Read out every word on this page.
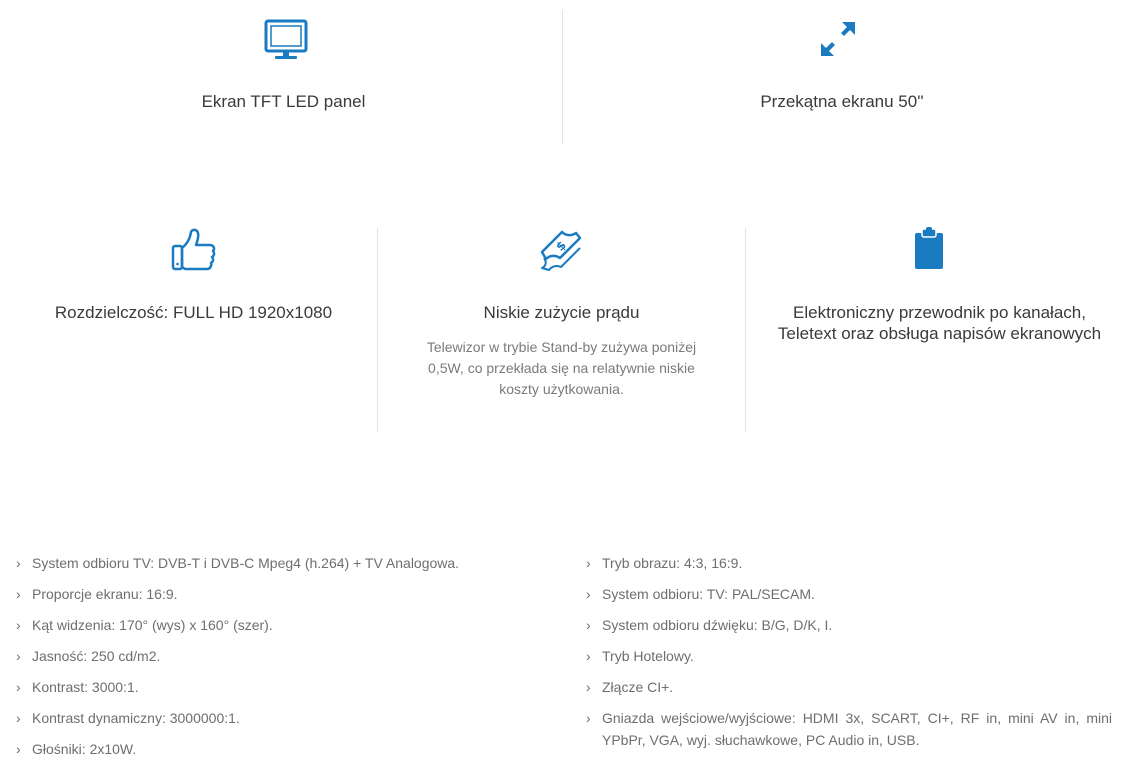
Ekran TFT LED panel	Przekątna ekranu 50''
Rozdzielczość: FULL HD 1920x1080
$
Niskie zużycie prądu
Telewizor w trybie Stand-by zużywa poniżej 0,5W, co przekłada się na relatywnie niskie koszty użytkowania.
Elektroniczny przewodnik po kanałach, Teletext oraz obsługa napisów ekranowych
› System odbioru TV: DVB-T i DVB-C Mpeg4 (h.264) + TV Analogowa.
› Proporcje ekranu: 16:9.
› Kąt widzenia: 170° (wys) x 160° (szer).
› Jasność: 250 cd/m2.
› Kontrast: 3000:1.
› Kontrast dynamiczny: 3000000:1.
› Głośniki: 2x10W.
› Tryb obrazu: 4:3, 16:9.
› System odbioru: TV: PAL/SECAM.
› System odbioru dźwięku: B/G, D/K, I.
› Tryb Hotelowy.
› Złącze CI+.
› Gniazda wejściowe/wyjściowe: HDMI 3x, SCART, CI+, RF in, mini AV in, mini YPbPr, VGA, wyj. słuchawkowe, PC Audio in, USB.
